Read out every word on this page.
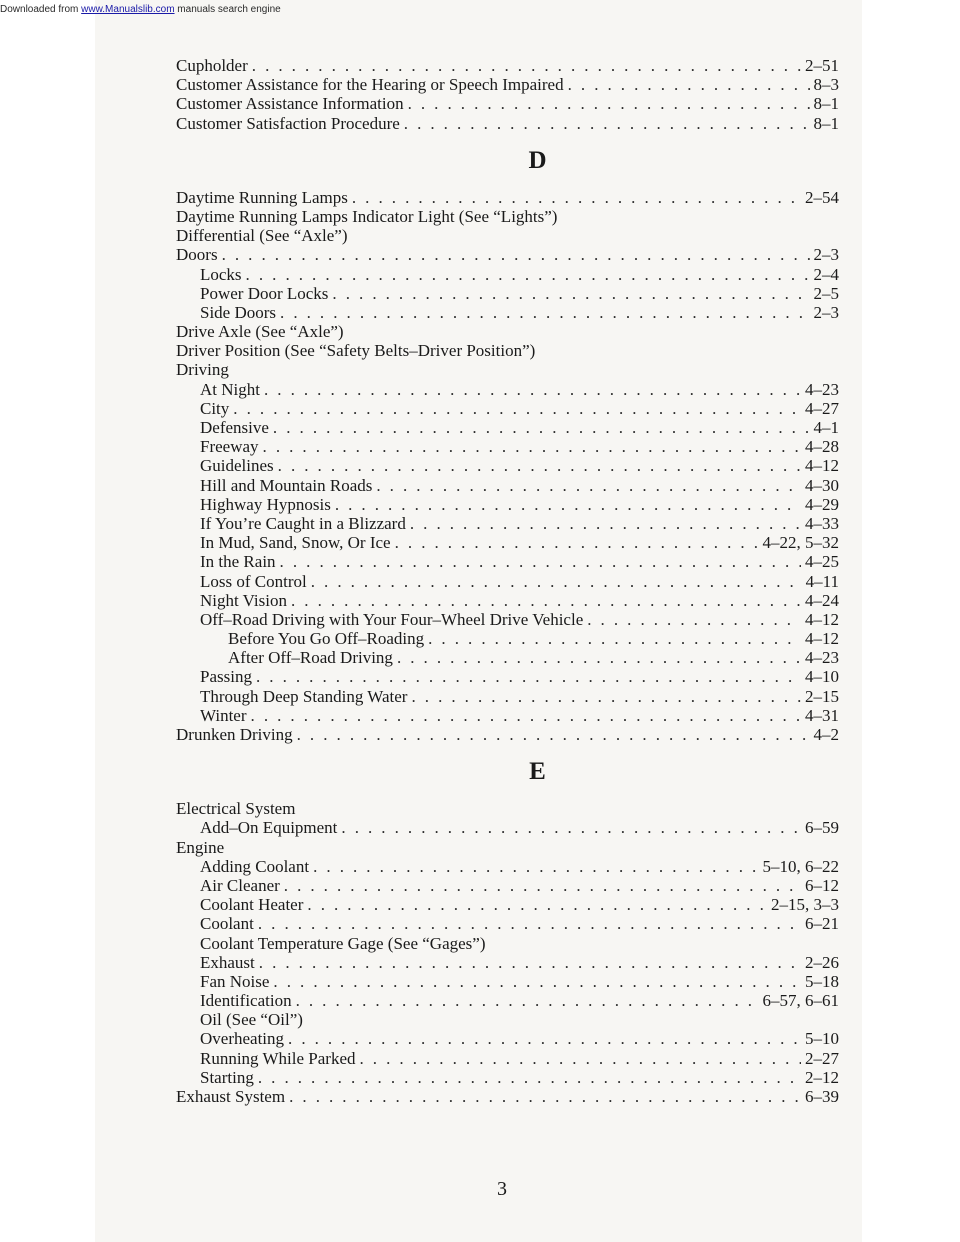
Downloaded from www.Manualslib.com manuals search engine
Cupholder . . .	2–51
Customer Assistance for the Hearing or Speech Impaired . . .	8–3
Customer Assistance Information . . .	8–1
Customer Satisfaction Procedure . . .	8–1
D
Daytime Running Lamps . . .	2–54
Daytime Running Lamps Indicator Light (See “Lights”)
Differential (See “Axle”)
Doors . . .	2–3
Locks . . .	2–4
Power Door Locks . . .	2–5
Side Doors . . .	2–3
Drive Axle (See “Axle”)
Driver Position (See “Safety Belts–Driver Position”)
Driving
At Night . . .	4–23
City . . .	4–27
Defensive . . .	4–1
Freeway . . .	4–28
Guidelines . . .	4–12
Hill and Mountain Roads . . .	4–30
Highway Hypnosis . . .	4–29
If You’re Caught in a Blizzard . . .	4–33
In Mud, Sand, Snow, Or Ice . . .	4–22, 5–32
In the Rain . . .	4–25
Loss of Control . . .	4–11
Night Vision . . .	4–24
Off–Road Driving with Your Four–Wheel Drive Vehicle . . .	4–12
Before You Go Off–Roading . . .	4–12
After Off–Road Driving . . .	4–23
Passing . . .	4–10
Through Deep Standing Water . . .	2–15
Winter . . .	4–31
Drunken Driving . . .	4–2
E
Electrical System
Add–On Equipment . . .	6–59
Engine
Adding Coolant . . .	5–10, 6–22
Air Cleaner . . .	6–12
Coolant Heater . . .	2–15, 3–3
Coolant . . .	6–21
Coolant Temperature Gage (See “Gages”)
Exhaust . . .	2–26
Fan Noise . . .	5–18
Identification . . .	6–57, 6–61
Oil (See “Oil”)
Overheating . . .	5–10
Running While Parked . . .	2–27
Starting . . .	2–12
Exhaust System . . .	6–39
3
